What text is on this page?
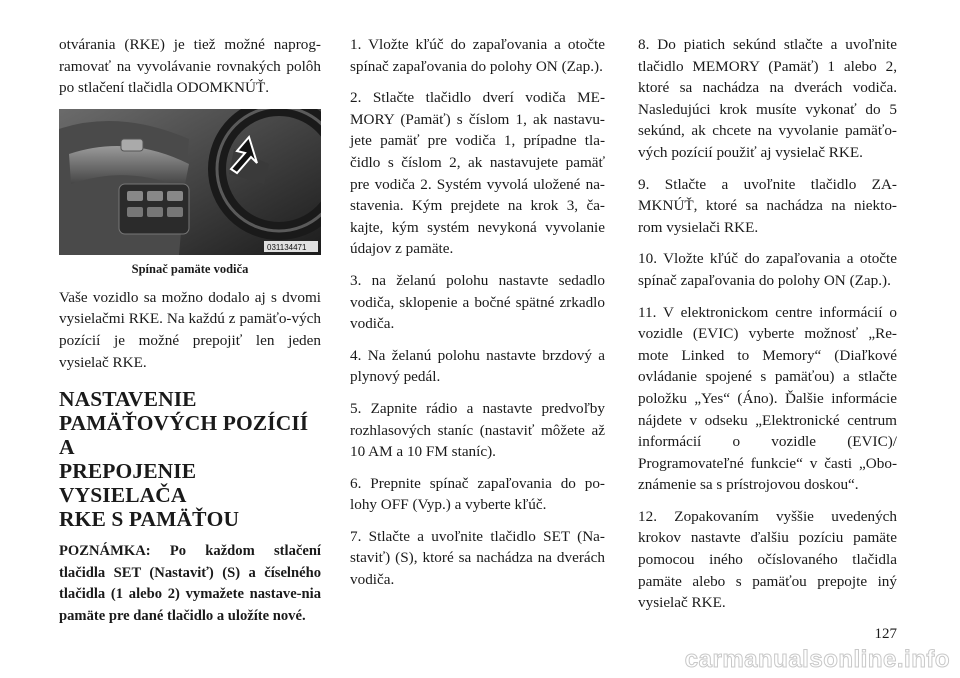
otvárania (RKE) je tiež možné naprog-ramovať na vyvolávanie rovnakých polôh po stlačení tlačidla ODOMKNÚŤ.

031134471
Spínač pamäte vodiča

Vaše vozidlo sa možno dodalo aj s dvomi vysielačmi RKE. Na každú z pamäťo-vých pozícií je možné prepojiť len jeden vysielač RKE.

NASTAVENIE
PAMÄŤOVÝCH POZÍCIÍ A
PREPOJENIE VYSIELAČA
RKE S PAMÄŤOU

POZNÁMKA: Po každom stlačení tlačidla SET (Nastaviť) (S) a číselného tlačidla (1 alebo 2) vymažete nastave-nia pamäte pre dané tlačidlo a uložíte nové.

1. Vložte kľúč do zapaľovania a otočte spínač zapaľovania do polohy ON (Zap.).

2. Stlačte tlačidlo dverí vodiča ME-MORY (Pamäť) s číslom 1, ak nastavu-jete pamäť pre vodiča 1, prípadne tla-čidlo s číslom 2, ak nastavujete pamäť pre vodiča 2. Systém vyvolá uložené na-stavenia. Kým prejdete na krok 3, ča-kajte, kým systém nevykoná vyvolanie údajov z pamäte.

3. na želanú polohu nastavte sedadlo vodiča, sklopenie a bočné spätné zrkadlo vodiča.

4. Na želanú polohu nastavte brzdový a plynový pedál.

5. Zapnite rádio a nastavte predvoľby rozhlasových staníc (nastaviť môžete až 10 AM a 10 FM staníc).

6. Prepnite spínač zapaľovania do po-lohy OFF (Vyp.) a vyberte kľúč.

7. Stlačte a uvoľnite tlačidlo SET (Na-staviť) (S), ktoré sa nachádza na dverách vodiča.

8. Do piatich sekúnd stlačte a uvoľnite tlačidlo MEMORY (Pamäť) 1 alebo 2, ktoré sa nachádza na dverách vodiča. Nasledujúci krok musíte vykonať do 5 sekúnd, ak chcete na vyvolanie pamäťo-vých pozícií použiť aj vysielač RKE.

9. Stlačte a uvoľnite tlačidlo ZA-MKNÚŤ, ktoré sa nachádza na niekto-rom vysielači RKE.

10. Vložte kľúč do zapaľovania a otočte spínač zapaľovania do polohy ON (Zap.).

11. V elektronickom centre informácií o vozidle (EVIC) vyberte možnosť „Re-mote Linked to Memory“ (Diaľkové ovládanie spojené s pamäťou) a stlačte položku „Yes“ (Áno). Ďalšie informácie nájdete v odseku „Elektronické centrum informácií o vozidle (EVIC)/ Programovateľné funkcie“ v časti „Obo-známenie sa s prístrojovou doskou“.

12. Zopakovaním vyššie uvedených krokov nastavte ďalšiu pozíciu pamäte pomocou iného očíslovaného tlačidla pamäte alebo s pamäťou prepojte iný vysielač RKE.

127
carmanualsonline.info
